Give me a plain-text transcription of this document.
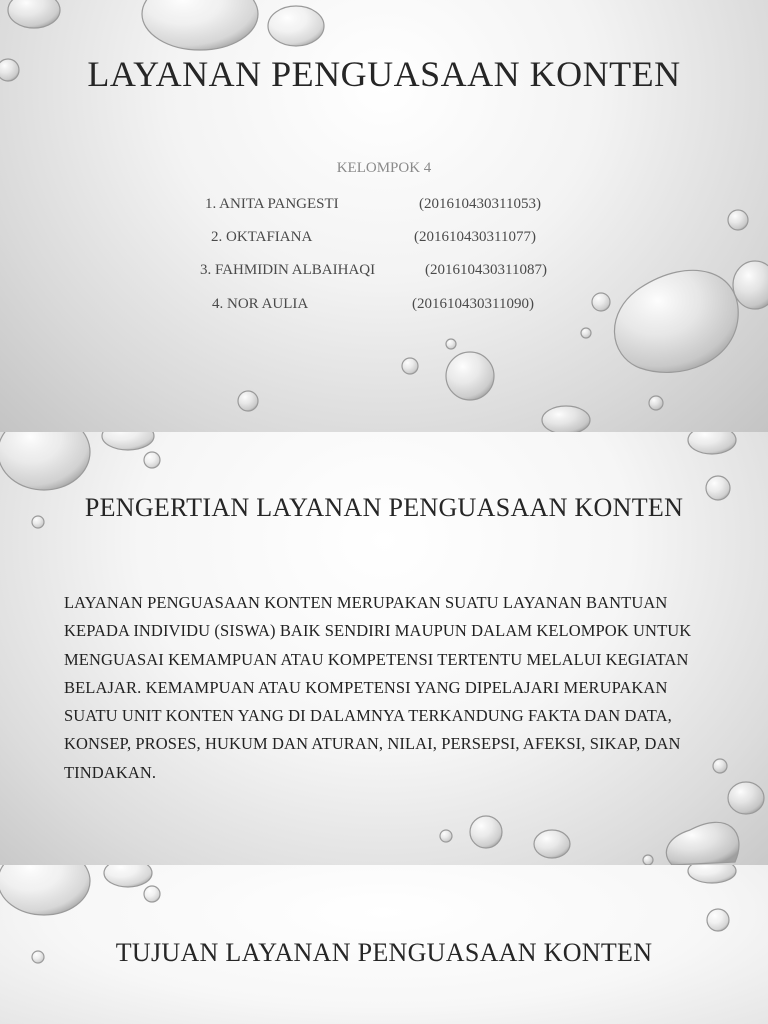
LAYANAN PENGUASAAN KONTEN
KELOMPOK 4
1. ANITA PANGESTI	(201610430311053)
2. OKTAFIANA	(201610430311077)
3. FAHMIDIN ALBAIHAQI	(201610430311087)
4. NOR AULIA	(201610430311090)
PENGERTIAN LAYANAN PENGUASAAN KONTEN
LAYANAN PENGUASAAN KONTEN MERUPAKAN SUATU LAYANAN BANTUAN KEPADA INDIVIDU (SISWA) BAIK SENDIRI MAUPUN DALAM KELOMPOK UNTUK MENGUASAI KEMAMPUAN ATAU KOMPETENSI TERTENTU MELALUI KEGIATAN BELAJAR. KEMAMPUAN ATAU KOMPETENSI YANG DIPELAJARI MERUPAKAN SUATU UNIT KONTEN YANG DI DALAMNYA TERKANDUNG FAKTA DAN DATA, KONSEP, PROSES, HUKUM DAN ATURAN, NILAI, PERSEPSI, AFEKSI, SIKAP, DAN TINDAKAN.
TUJUAN LAYANAN PENGUASAAN KONTEN
